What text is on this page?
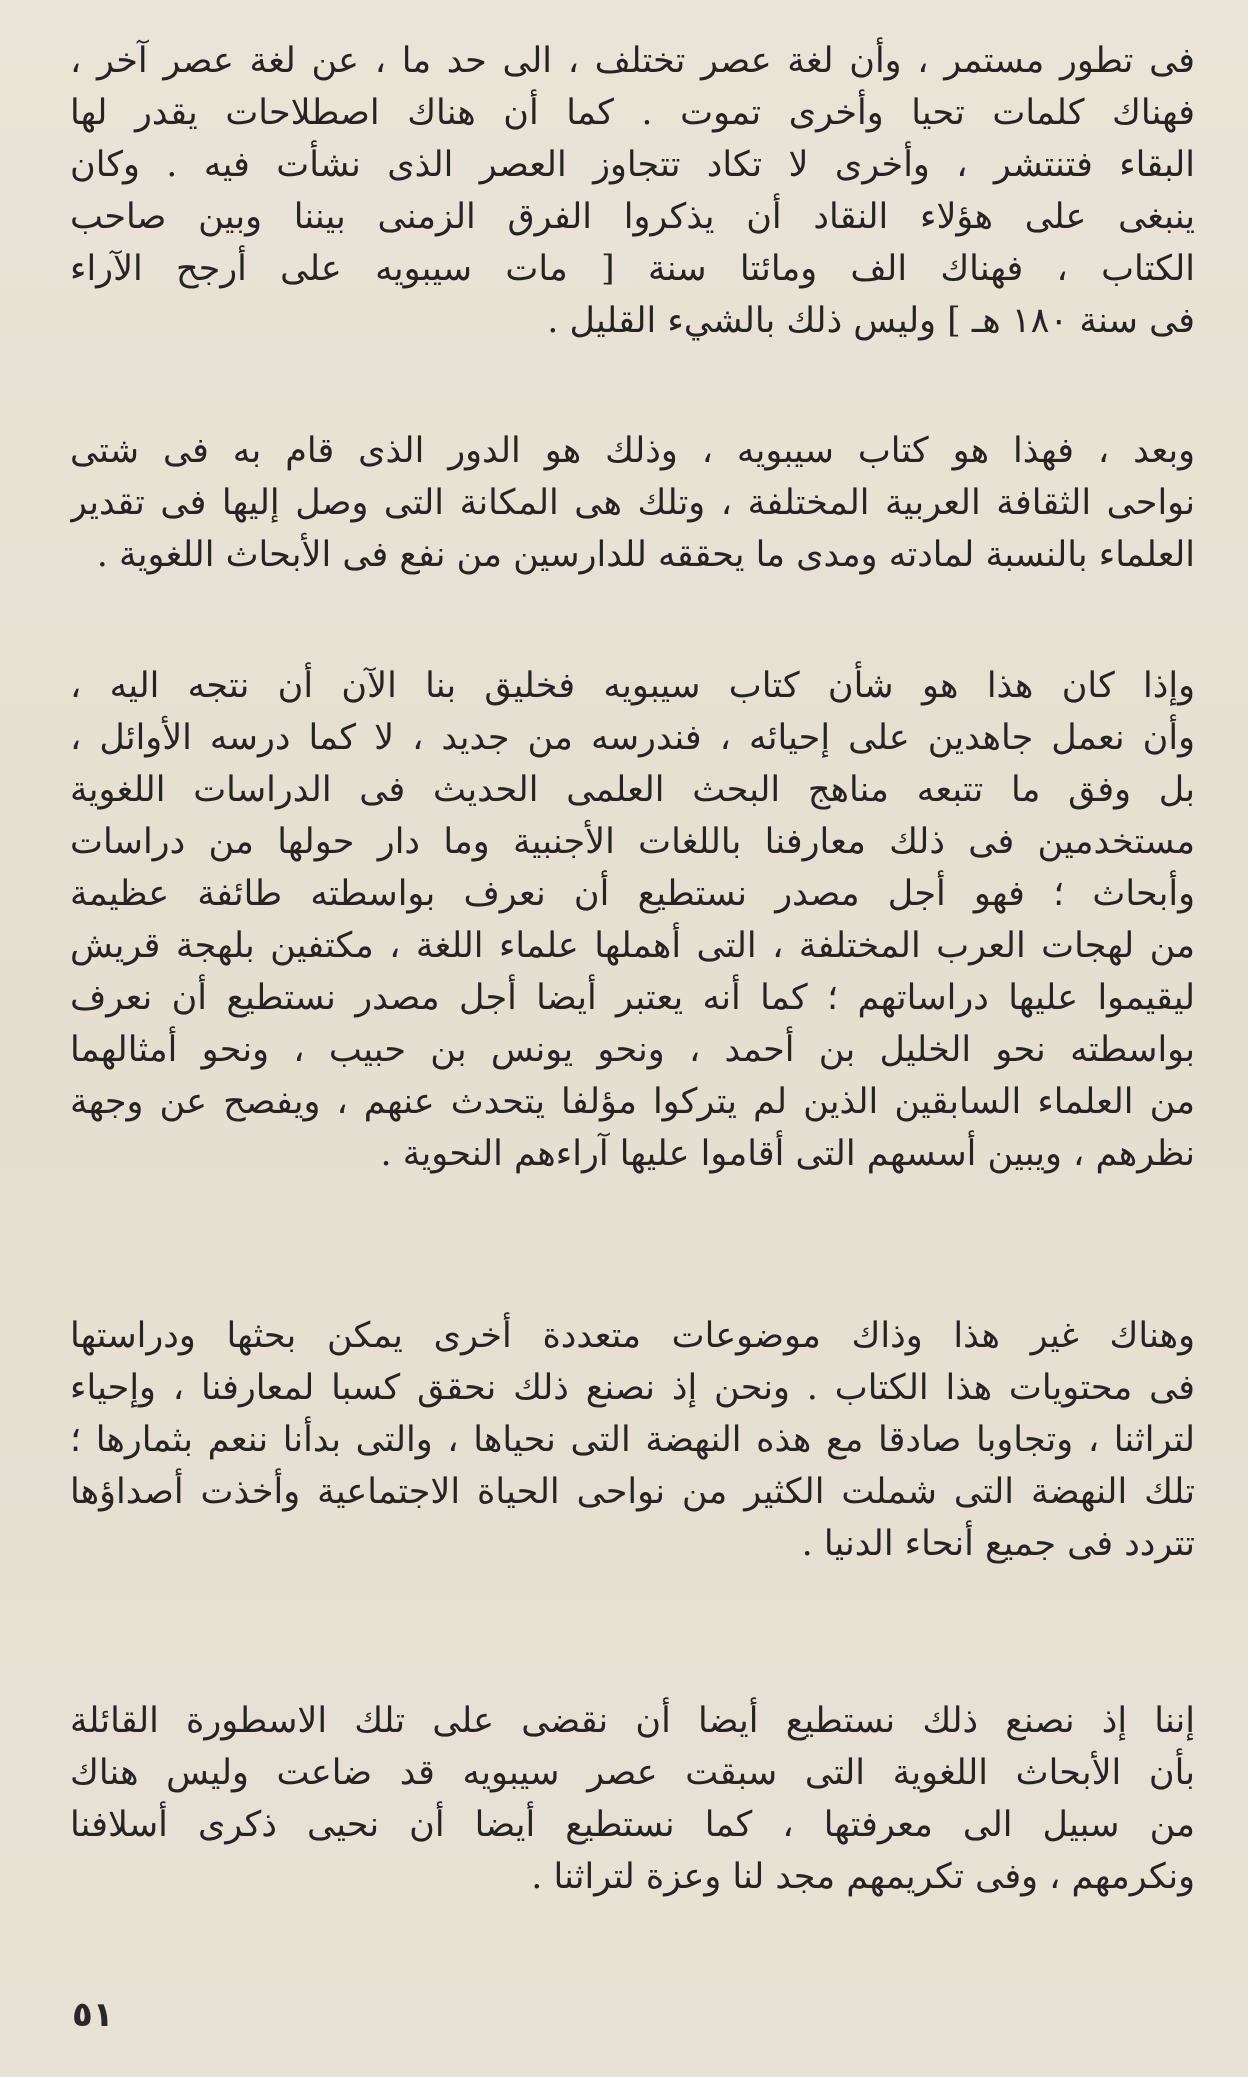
فى تطور مستمر ، وأن لغة عصر تختلف ، الى حد ما ، عن لغة عصر آخر ،
فهناك كلمات تحيا وأخرى تموت . كما أن هناك اصطلاحات يقدر لها
البقاء فتنتشر ، وأخرى لا تكاد تتجاوز العصر الذى نشأت فيه . وكان
ينبغى على هؤلاء النقاد أن يذكروا الفرق الزمنى بيننا وبين صاحب
الكتاب ، فهناك الف ومائتا سنة [ مات سيبويه على أرجح الآراء
فى سنة ١٨٠ هـ ] وليس ذلك بالشيء القليل .
وبعد ، فهذا هو كتاب سيبويه ، وذلك هو الدور الذى قام به فى شتى
نواحى الثقافة العربية المختلفة ، وتلك هى المكانة التى وصل إليها فى تقدير
العلماء بالنسبة لمادته ومدى ما يحققه للدارسين من نفع فى الأبحاث اللغوية .
وإذا كان هذا هو شأن كتاب سيبويه فخليق بنا الآن أن نتجه اليه ،
وأن نعمل جاهدين على إحيائه ، فندرسه من جديد ، لا كما درسه الأوائل ،
بل وفق ما تتبعه مناهج البحث العلمى الحديث فى الدراسات اللغوية
مستخدمين فى ذلك معارفنا باللغات الأجنبية وما دار حولها من دراسات
وأبحاث ؛ فهو أجل مصدر نستطيع أن نعرف بواسطته طائفة عظيمة
من لهجات العرب المختلفة ، التى أهملها علماء اللغة ، مكتفين بلهجة قريش
ليقيموا عليها دراساتهم ؛ كما أنه يعتبر أيضا أجل مصدر نستطيع أن نعرف
بواسطته نحو الخليل بن أحمد ، ونحو يونس بن حبيب ، ونحو أمثالهما
من العلماء السابقين الذين لم يتركوا مؤلفا يتحدث عنهم ، ويفصح عن وجهة
نظرهم ، ويبين أسسهم التى أقاموا عليها آراءهم النحوية .
وهناك غير هذا وذاك موضوعات متعددة أخرى يمكن بحثها ودراستها
فى محتويات هذا الكتاب . ونحن إذ نصنع ذلك نحقق كسبا لمعارفنا ، وإحياء
لتراثنا ، وتجاوبا صادقا مع هذه النهضة التى نحياها ، والتى بدأنا ننعم بثمارها ؛
تلك النهضة التى شملت الكثير من نواحى الحياة الاجتماعية وأخذت أصداؤها
تتردد فى جميع أنحاء الدنيا .
إننا إذ نصنع ذلك نستطيع أيضا أن نقضى على تلك الاسطورة القائلة
بأن الأبحاث اللغوية التى سبقت عصر سيبويه قد ضاعت وليس هناك
من سبيل الى معرفتها ، كما نستطيع أيضا أن نحيى ذكرى أسلافنا
ونكرمهم ، وفى تكريمهم مجد لنا وعزة لتراثنا .
٥١
